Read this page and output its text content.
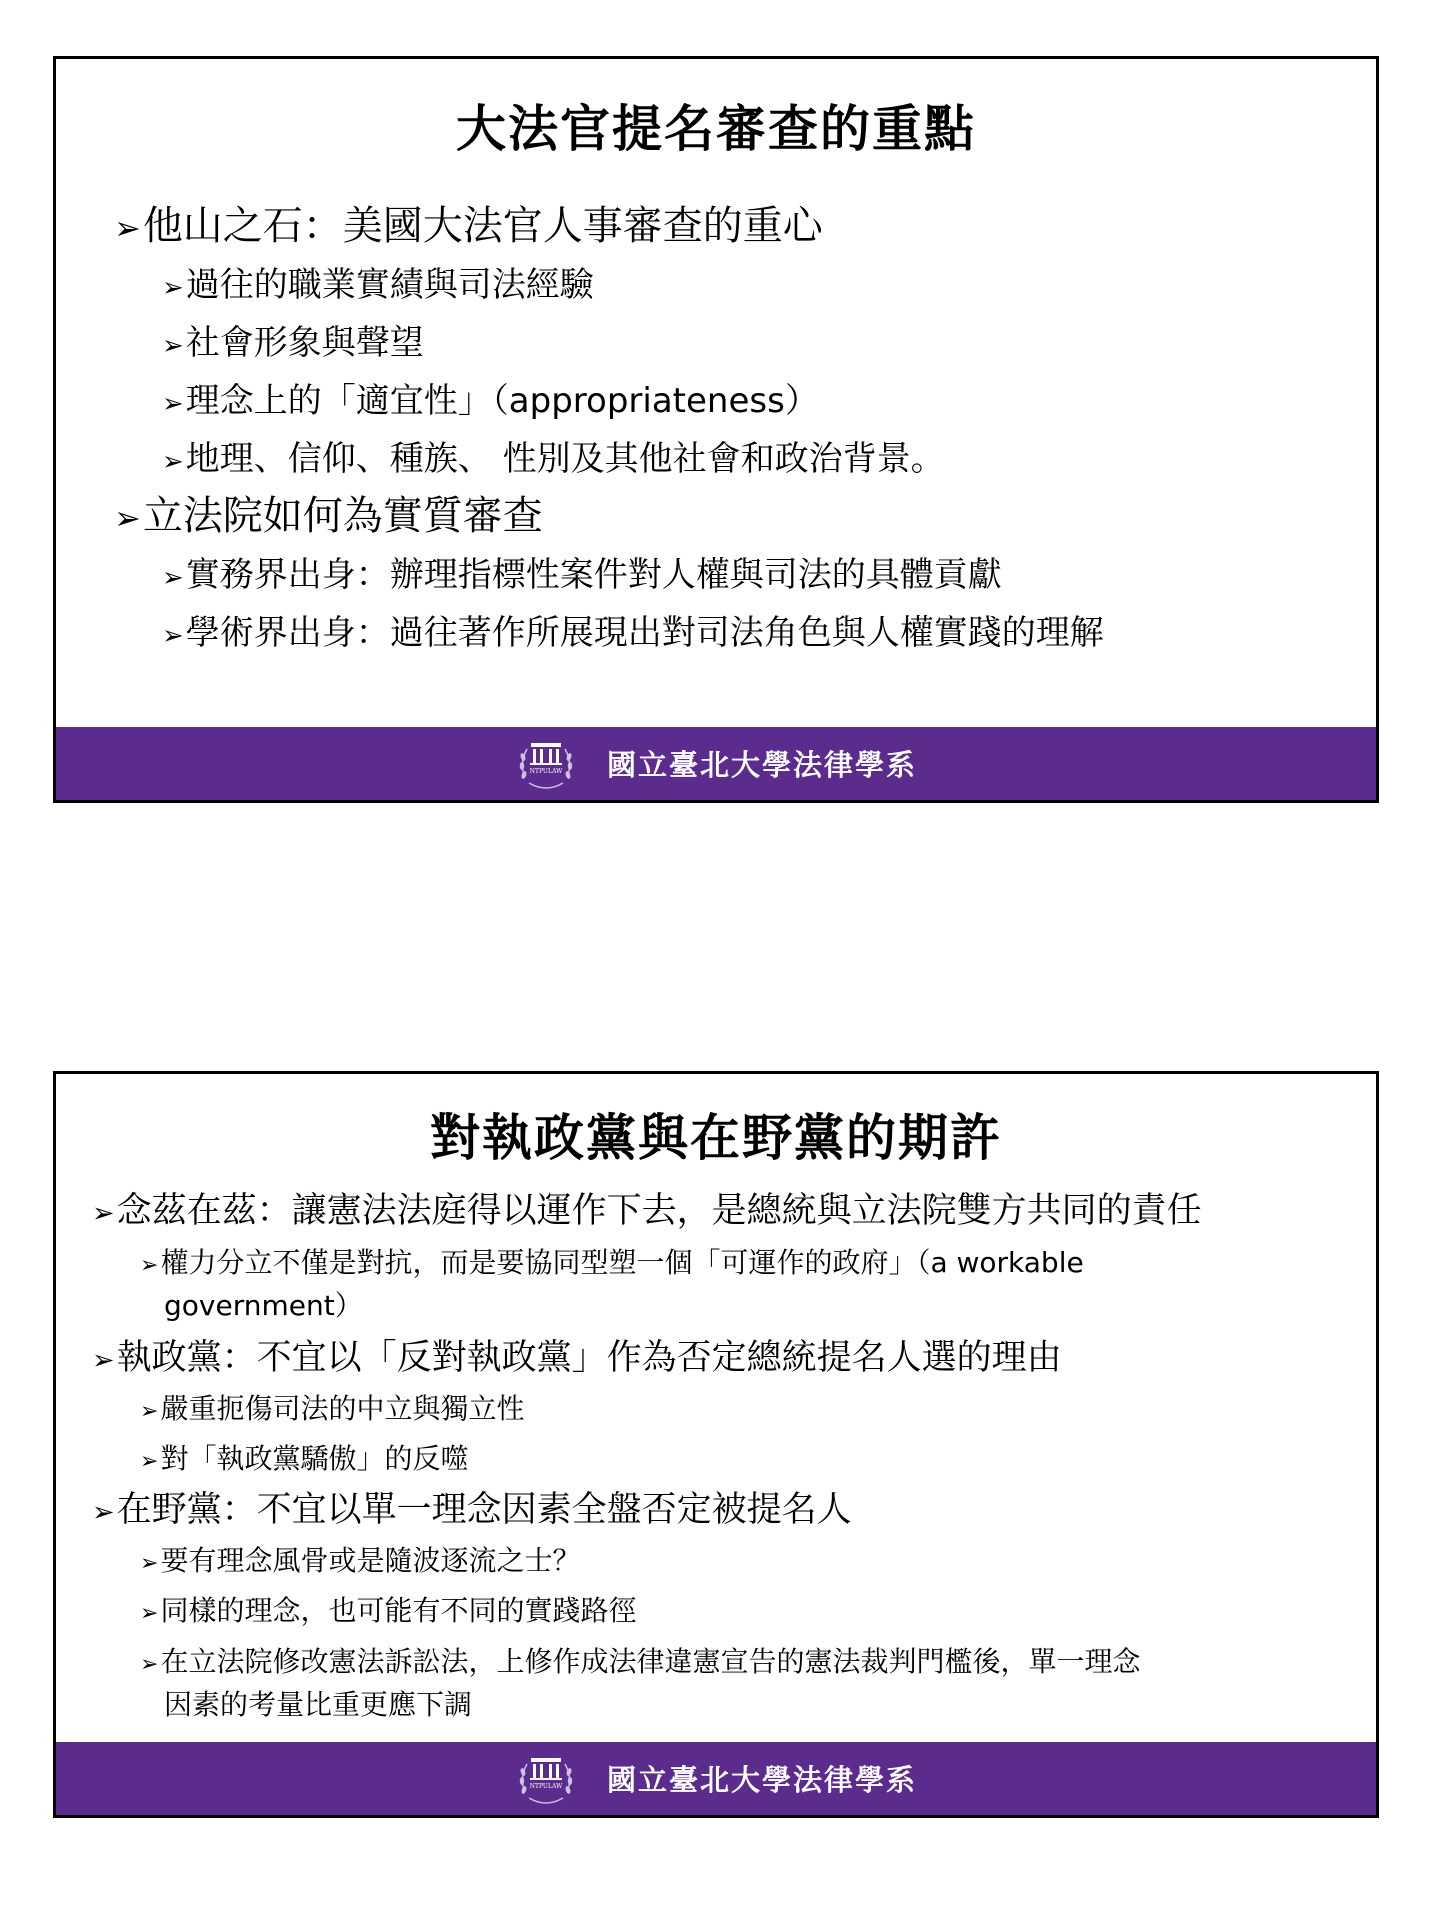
大法官提名審查的重點
➢他山之石：美國大法官人事審查的重心
➢過往的職業實績與司法經驗
➢社會形象與聲望
➢理念上的「適宜性」（appropriateness）
➢地理、信仰、種族、 性別及其他社會和政治背景。
➢立法院如何為實質審查
➢實務界出身：辦理指標性案件對人權與司法的具體貢獻
➢學術界出身：過往著作所展現出對司法角色與人權實踐的理解
NTPULAW 國立臺北大學法律學系
對執政黨與在野黨的期許
➢念茲在茲：讓憲法法庭得以運作下去，是總統與立法院雙方共同的責任
➢權力分立不僅是對抗，而是要協同型塑一個「可運作的政府」（a workable
government）
➢執政黨：不宜以「反對執政黨」作為否定總統提名人選的理由
➢嚴重扼傷司法的中立與獨立性
➢對「執政黨驕傲」的反噬
➢在野黨：不宜以單一理念因素全盤否定被提名人
➢要有理念風骨或是隨波逐流之士？
➢同樣的理念，也可能有不同的實踐路徑
➢在立法院修改憲法訴訟法，上修作成法律違憲宣告的憲法裁判門檻後，單一理念
因素的考量比重更應下調
NTPULAW 國立臺北大學法律學系
